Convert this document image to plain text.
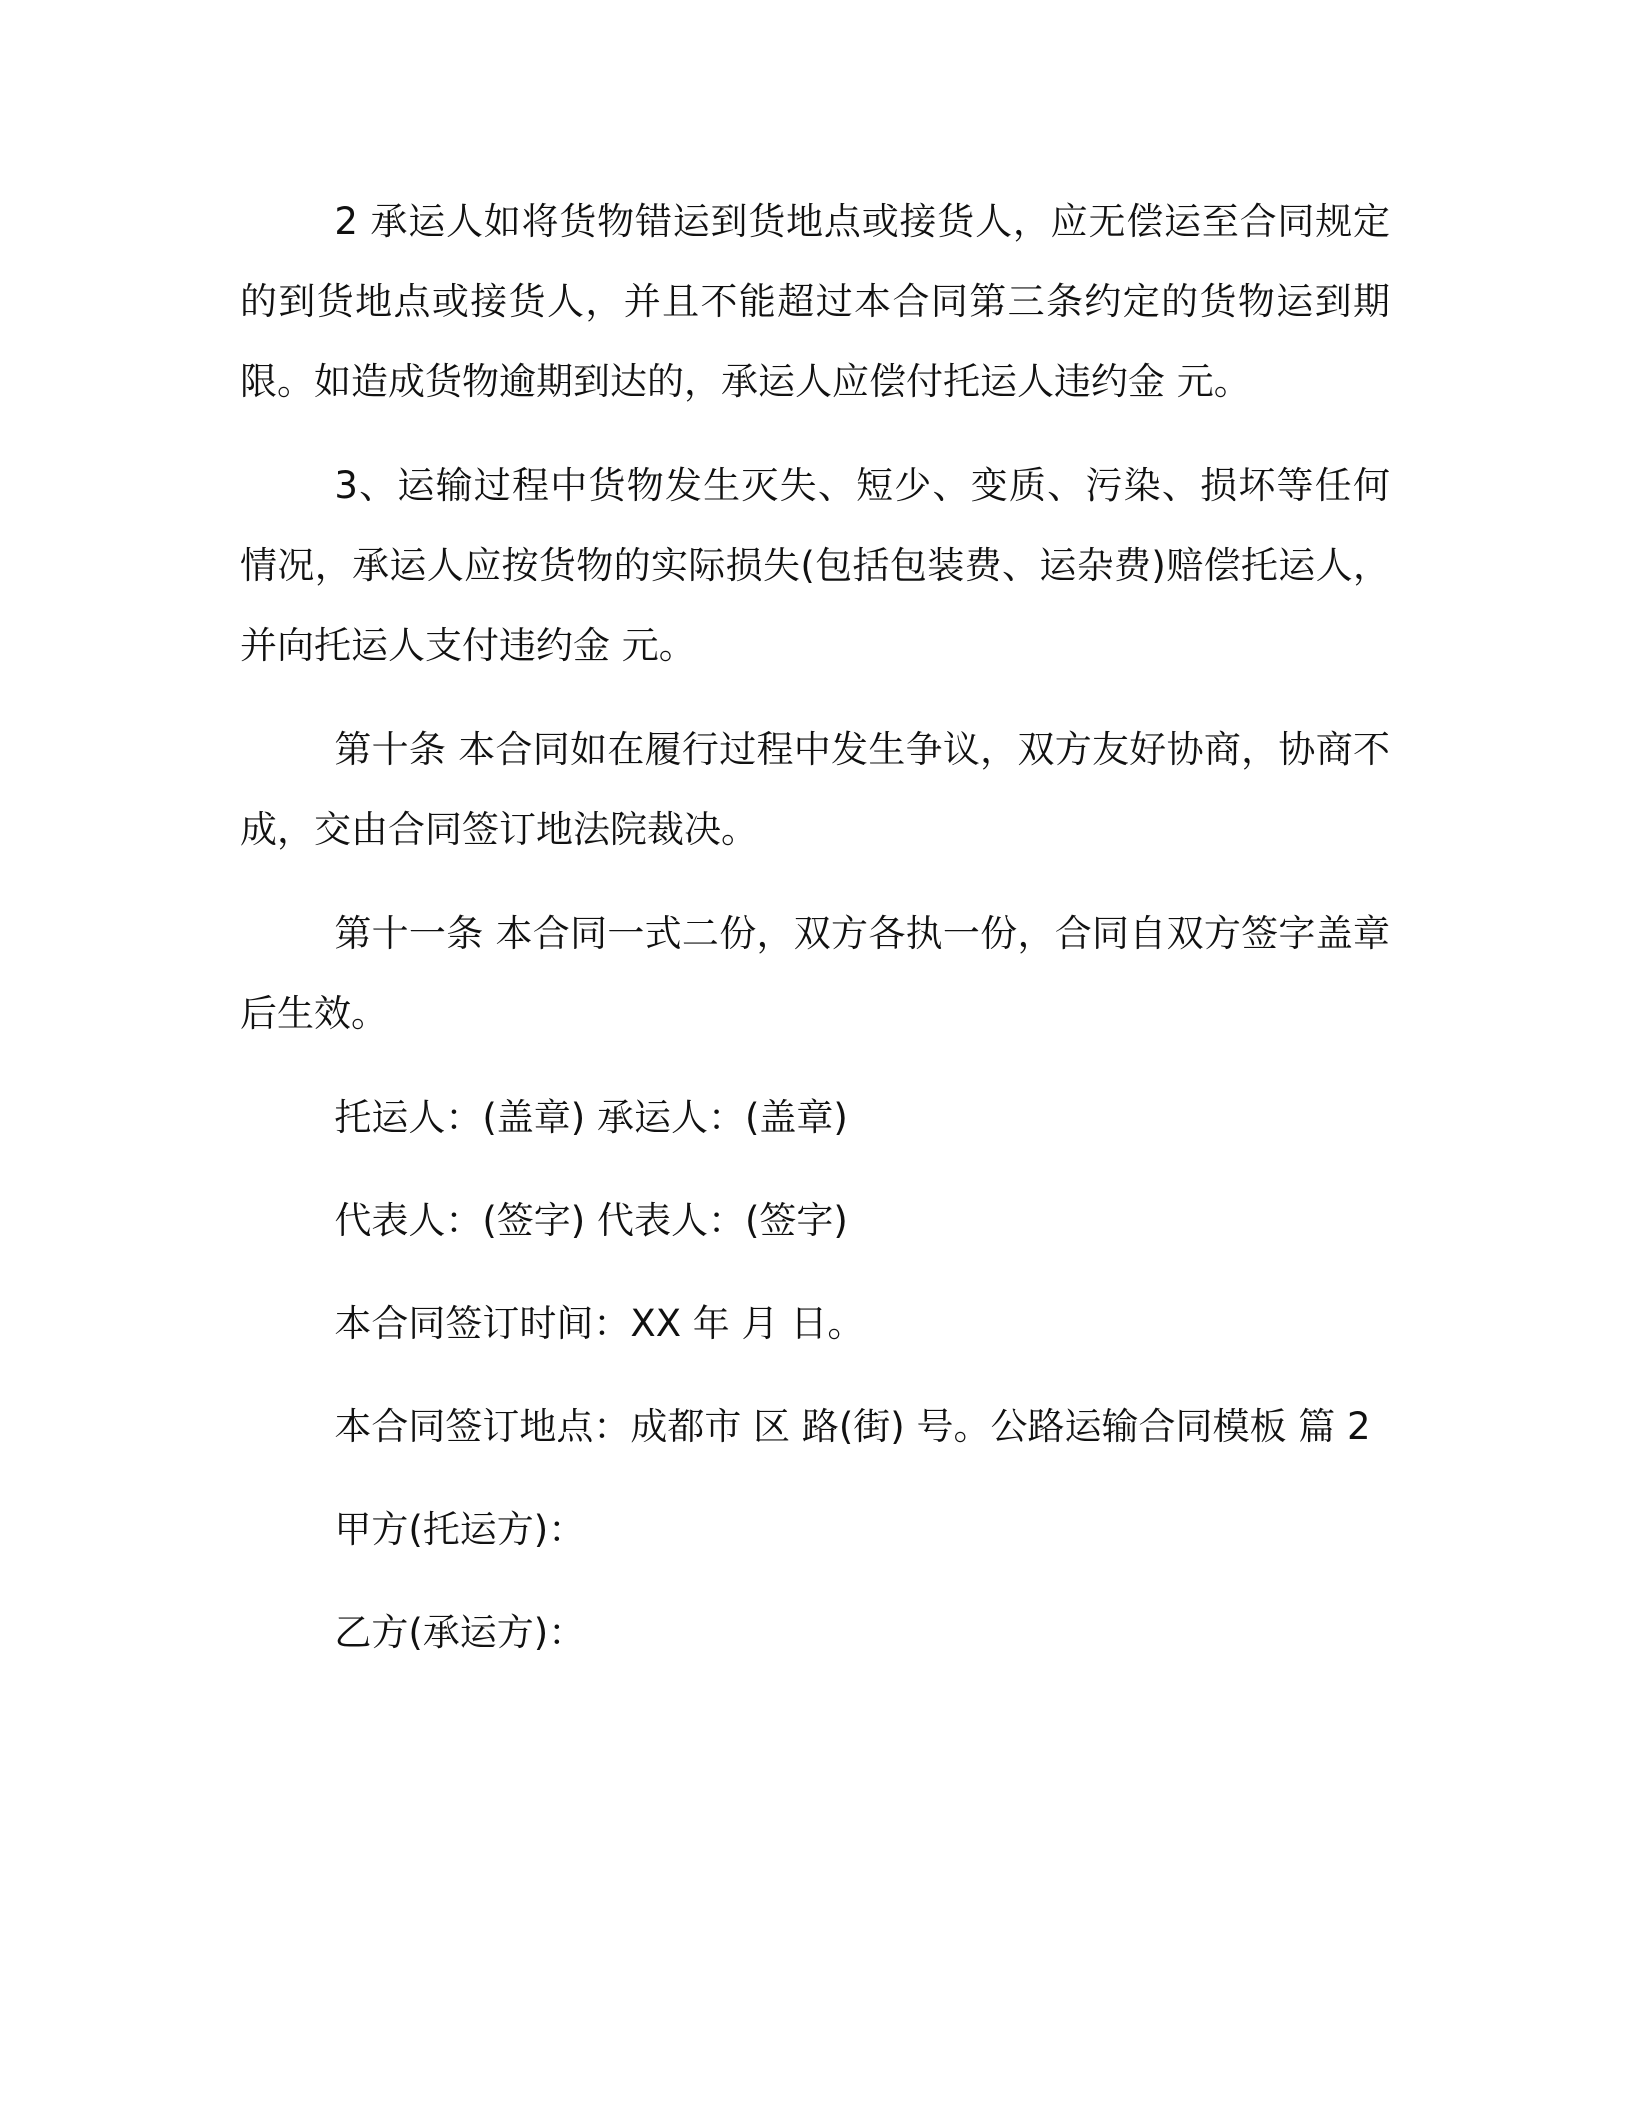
2 承运人如将货物错运到货地点或接货人，应无偿运至合同规定的到货地点或接货人，并且不能超过本合同第三条约定的货物运到期限。如造成货物逾期到达的，承运人应偿付托运人违约金 元。

3、运输过程中货物发生灭失、短少、变质、污染、损坏等任何情况，承运人应按货物的实际损失(包括包装费、运杂费)赔偿托运人，并向托运人支付违约金 元。

第十条 本合同如在履行过程中发生争议，双方友好协商，协商不成，交由合同签订地法院裁决。

第十一条 本合同一式二份，双方各执一份，合同自双方签字盖章后生效。

托运人：(盖章) 承运人：(盖章)

代表人：(签字) 代表人：(签字)

本合同签订时间：XX 年 月 日。

本合同签订地点：成都市 区 路(街) 号。公路运输合同模板 篇 2

甲方(托运方)：

乙方(承运方)：
